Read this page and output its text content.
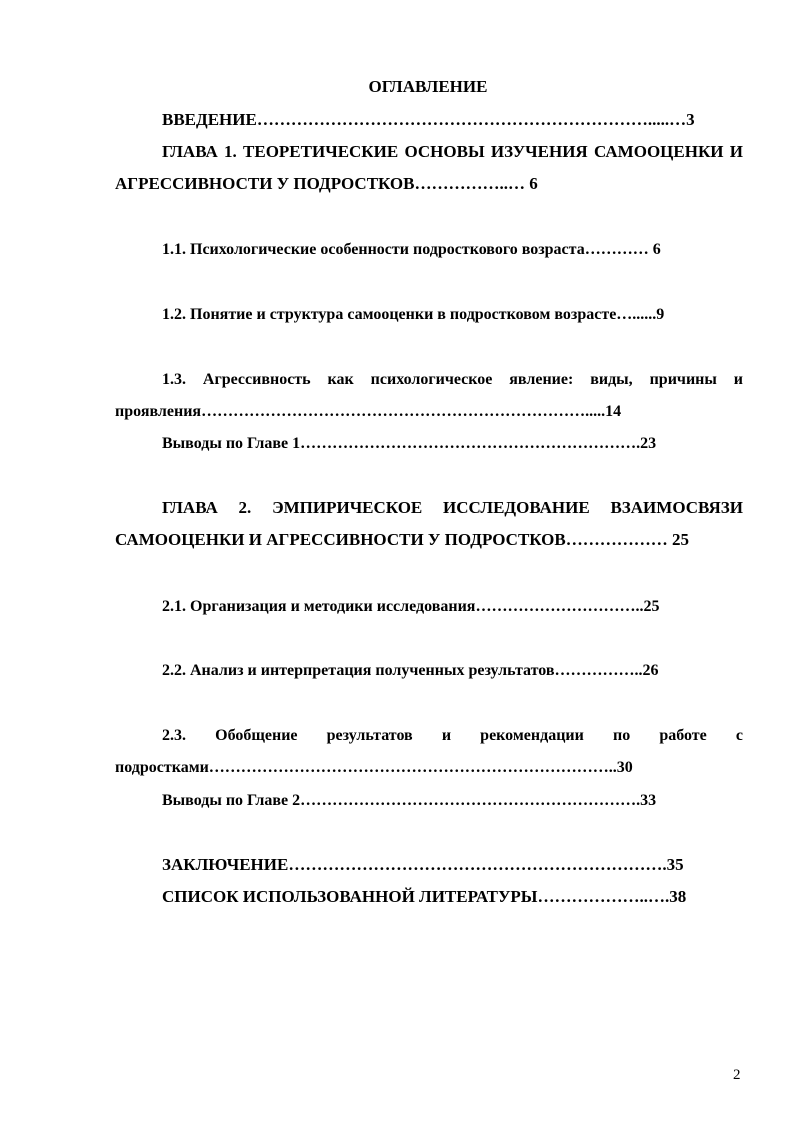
ОГЛАВЛЕНИЕ
ВВЕДЕНИЕ…………………………………………………………….....…3
ГЛАВА 1. ТЕОРЕТИЧЕСКИЕ ОСНОВЫ ИЗУЧЕНИЯ САМООЦЕНКИ И АГРЕССИВНОСТИ У ПОДРОСТКОВ……………..… 6
1.1. Психологические особенности подросткового возраста………… 6
1.2. Понятие и структура самооценки в подростковом возрасте…......9
1.3. Агрессивность как психологическое явление: виды, причины и проявления……………………………………………………………….....14
Выводы по Главе 1……………………………………………………….23
ГЛАВА 2. ЭМПИРИЧЕСКОЕ ИССЛЕДОВАНИЕ ВЗАИМОСВЯЗИ САМООЦЕНКИ И АГРЕССИВНОСТИ У ПОДРОСТКОВ……………… 25
2.1. Организация и методики исследования…………………………..25
2.2. Анализ и интерпретация полученных результатов……………..26
2.3. Обобщение результатов и рекомендации по работе с подростками…………………………………………………………………..30
Выводы по Главе 2……………………………………………………….33
ЗАКЛЮЧЕНИЕ………………………………………………………….35
СПИСОК ИСПОЛЬЗОВАННОЙ ЛИТЕРАТУРЫ………………..….38
2
